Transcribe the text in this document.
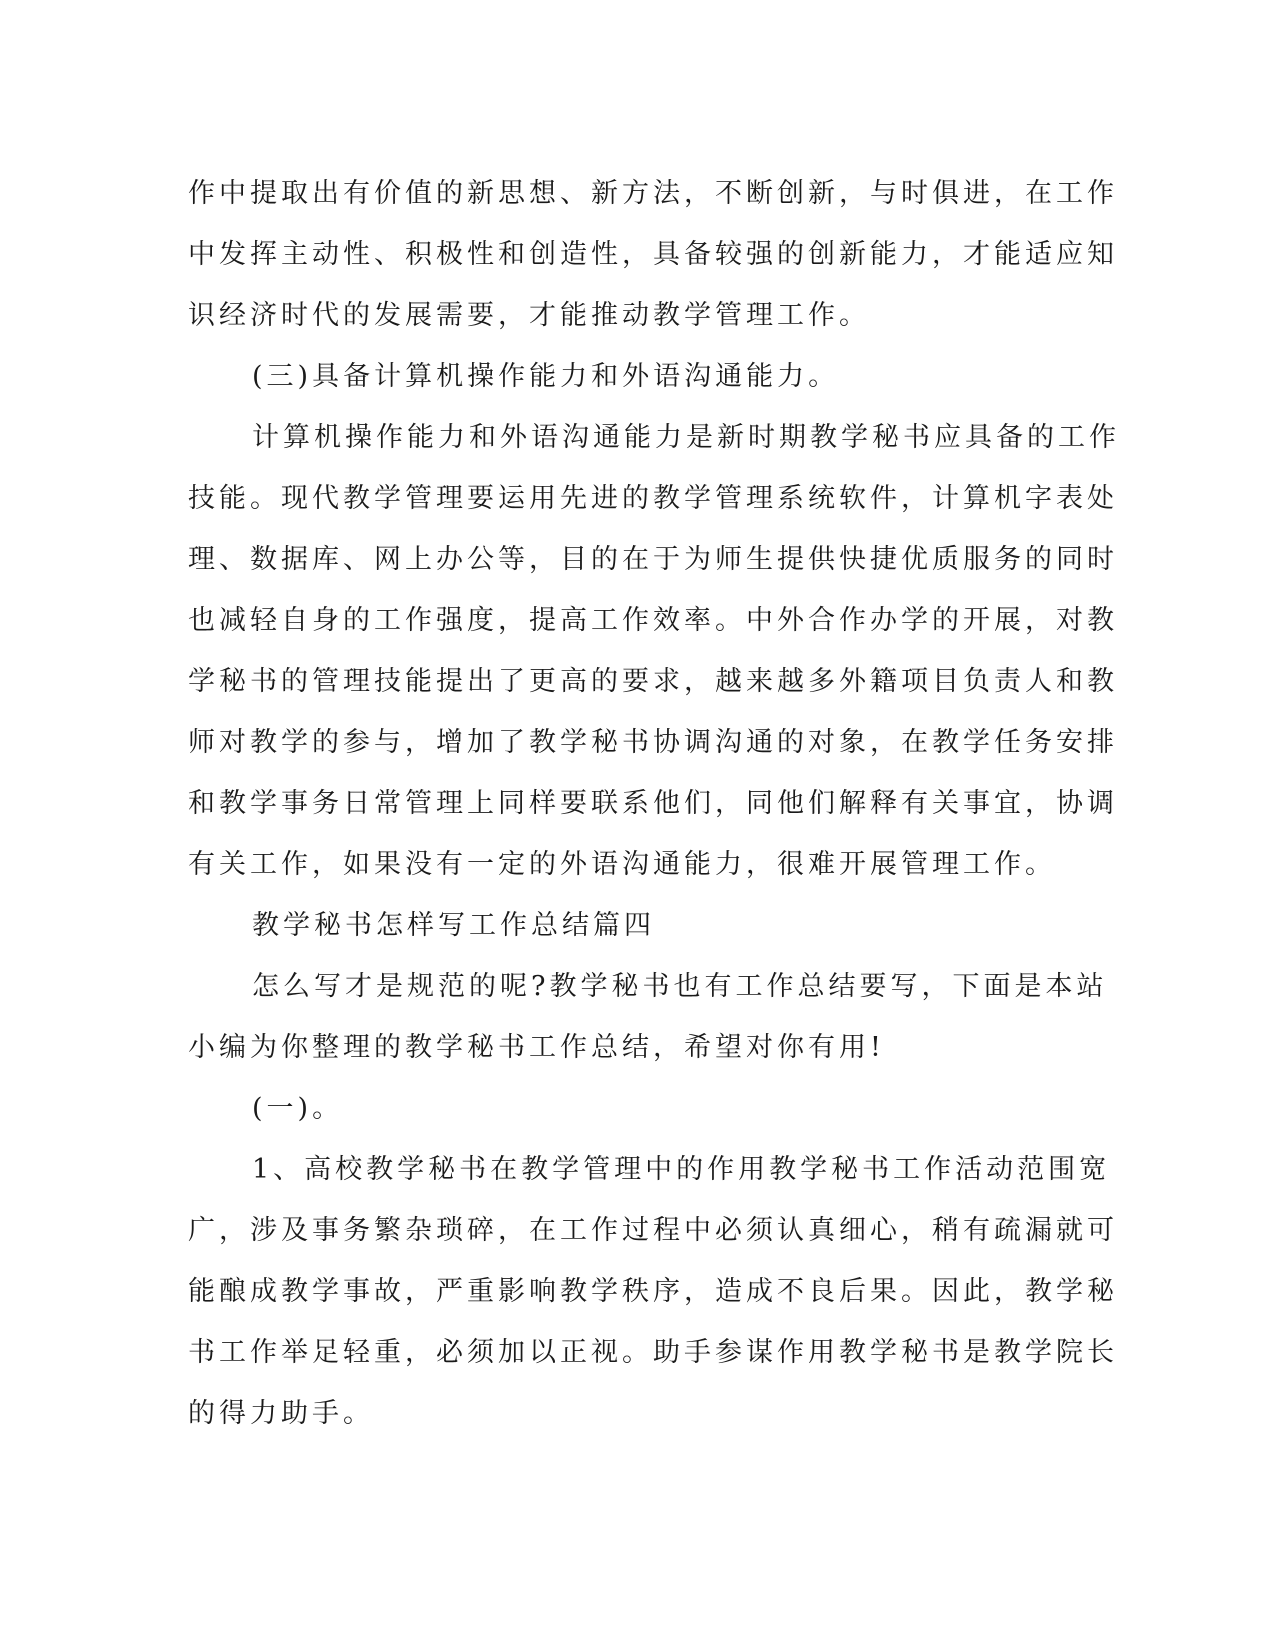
作中提取出有价值的新思想、新方法，不断创新，与时俱进，在工作
中发挥主动性、积极性和创造性，具备较强的创新能力，才能适应知
识经济时代的发展需要，才能推动教学管理工作。
(三)具备计算机操作能力和外语沟通能力。
计算机操作能力和外语沟通能力是新时期教学秘书应具备的工作
技能。现代教学管理要运用先进的教学管理系统软件，计算机字表处
理、数据库、网上办公等，目的在于为师生提供快捷优质服务的同时
也减轻自身的工作强度，提高工作效率。中外合作办学的开展，对教
学秘书的管理技能提出了更高的要求，越来越多外籍项目负责人和教
师对教学的参与，增加了教学秘书协调沟通的对象，在教学任务安排
和教学事务日常管理上同样要联系他们，同他们解释有关事宜，协调
有关工作，如果没有一定的外语沟通能力，很难开展管理工作。
教学秘书怎样写工作总结篇四
怎么写才是规范的呢?教学秘书也有工作总结要写，下面是本站
小编为你整理的教学秘书工作总结，希望对你有用!
(一)。
1、高校教学秘书在教学管理中的作用教学秘书工作活动范围宽
广，涉及事务繁杂琐碎，在工作过程中必须认真细心，稍有疏漏就可
能酿成教学事故，严重影响教学秩序，造成不良后果。因此，教学秘
书工作举足轻重，必须加以正视。助手参谋作用教学秘书是教学院长
的得力助手。
